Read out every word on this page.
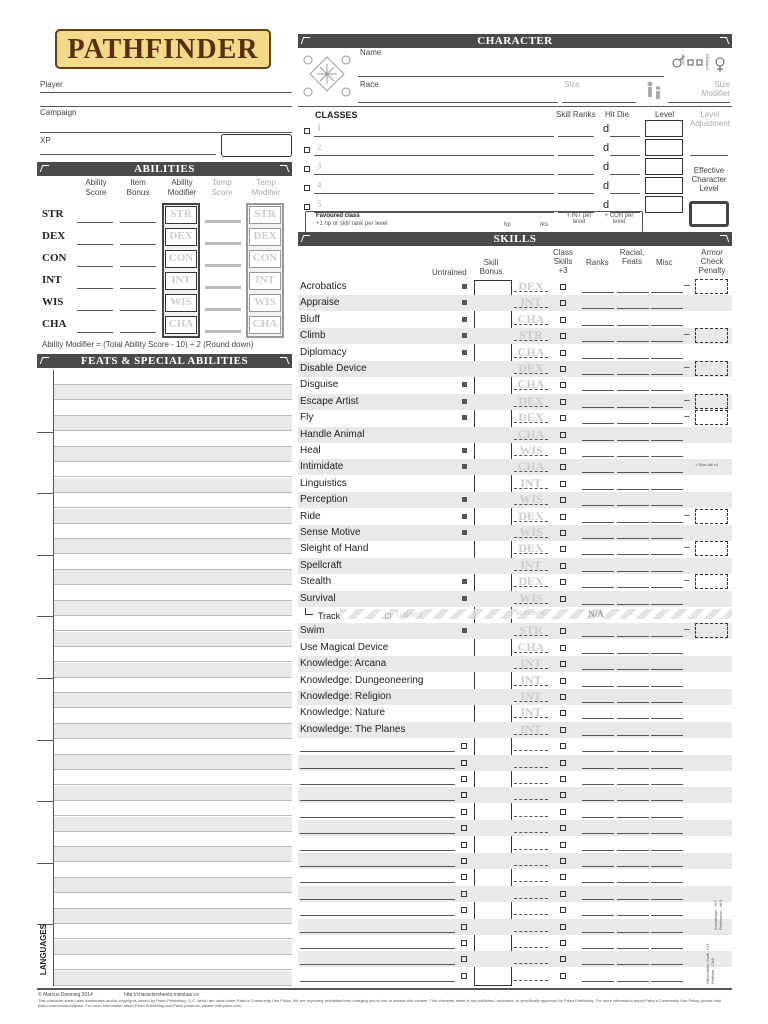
PATHFINDER
Player
Campaign
XP
CHARACTER
Name
MALE	FEMALE
Race	Size	Size Modifier
CLASSES	Skill Ranks Hit Die	Level	Level Adjustment
Effective Character Level
1	d
2	d
3	d
4	d
5	d
Favoured class
+1 hp or skill rank per level	hp	rks
+ INT per level
+ CON per level
ABILITIES
Ability Score
Item Bonus
Ability Modifier
Temp Score
Temp Modifier
STR	STR	STR
DEX	DEX	DEX
CON	CON	CON
INT	INT	INT
WIS	WIS	WIS
CHA	CHA	CHA
Ability Modifier = (Total Ability Score - 10) ÷ 2 (Round down)
FEATS & SPECIAL ABILITIES
LANGUAGES
SKILLS
Untrained
Skill Bonus
Class Skills +3
Ranks
Racial, Feats	Misc
Armor Check Penalty
Acrobatics	DEX	–
Appraise	INT
Bluff	CHA
Climb	STR	–
Diplomacy	CHA
Disable Device	DEX	–
Disguise	CHA
Escape Artist	DEX	–
Fly	DEX	–
Handle Animal	CHA
Heal	WIS
Intimidate	CHA
Linguistics	INT
Perception	WIS
Ride	DEX	–
Sense Motive	WIS
Sleight of Hand	DEX	–
Spellcraft	INT
Stealth	DEX	–
Survival	WIS
Track	SURVIVAL	N/A
Swim	STR	–
Use Magical Device	CHA
Knowledge: Arcana	INT
Knowledge: Dungeoneering	INT
Knowledge: Religion	INT
Knowledge: Nature	INT
Knowledge: The Planes	INT
+ Size diff x4
Knowledge - INT Profession - WIS
Other skills: Craft - INT Perform - CHA
© Marcus Downing 2014	http://charactersheets.minotaur.cc
This character sheet uses trademarks and/or copyrights owned by Paizo Publishing, LLC, which are used under Paizo's Community Use Policy. We are expressly prohibited from charging you to use or access this content. This character sheet is not published, endorsed, or specifically approved by Paizo Publishing. For more information about Paizo's Community Use Policy, please visit paizo.com/communityuse. For more information about Paizo Publishing and Paizo products, please visit paizo.com.
